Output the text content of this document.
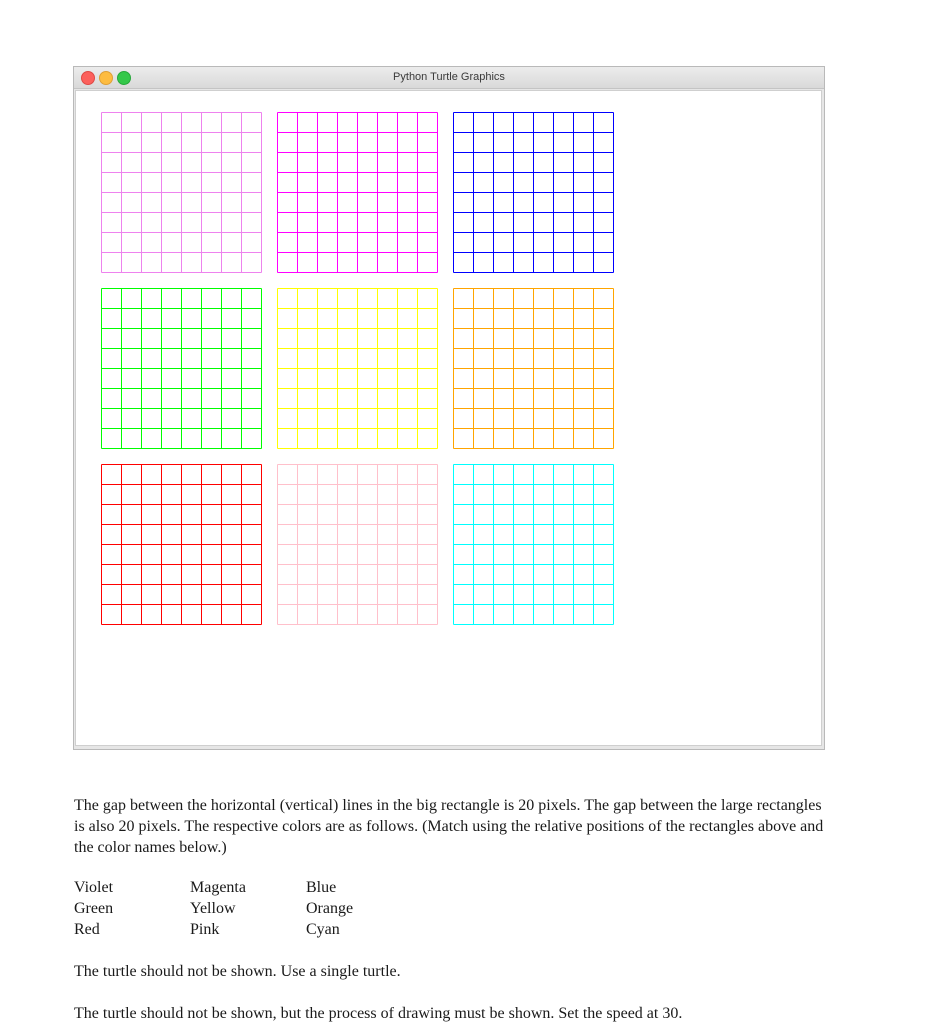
Python Turtle Graphics

The gap between the horizontal (vertical) lines in the big rectangle is 20 pixels. The gap between the large rectangles is also 20 pixels. The respective colors are as follows. (Match using the relative positions of the rectangles above and the color names below.)

Violet	Magenta	Blue
Green	Yellow	Orange
Red	Pink	Cyan

The turtle should not be shown. Use a single turtle.

The turtle should not be shown, but the process of drawing must be shown. Set the speed at 30.
